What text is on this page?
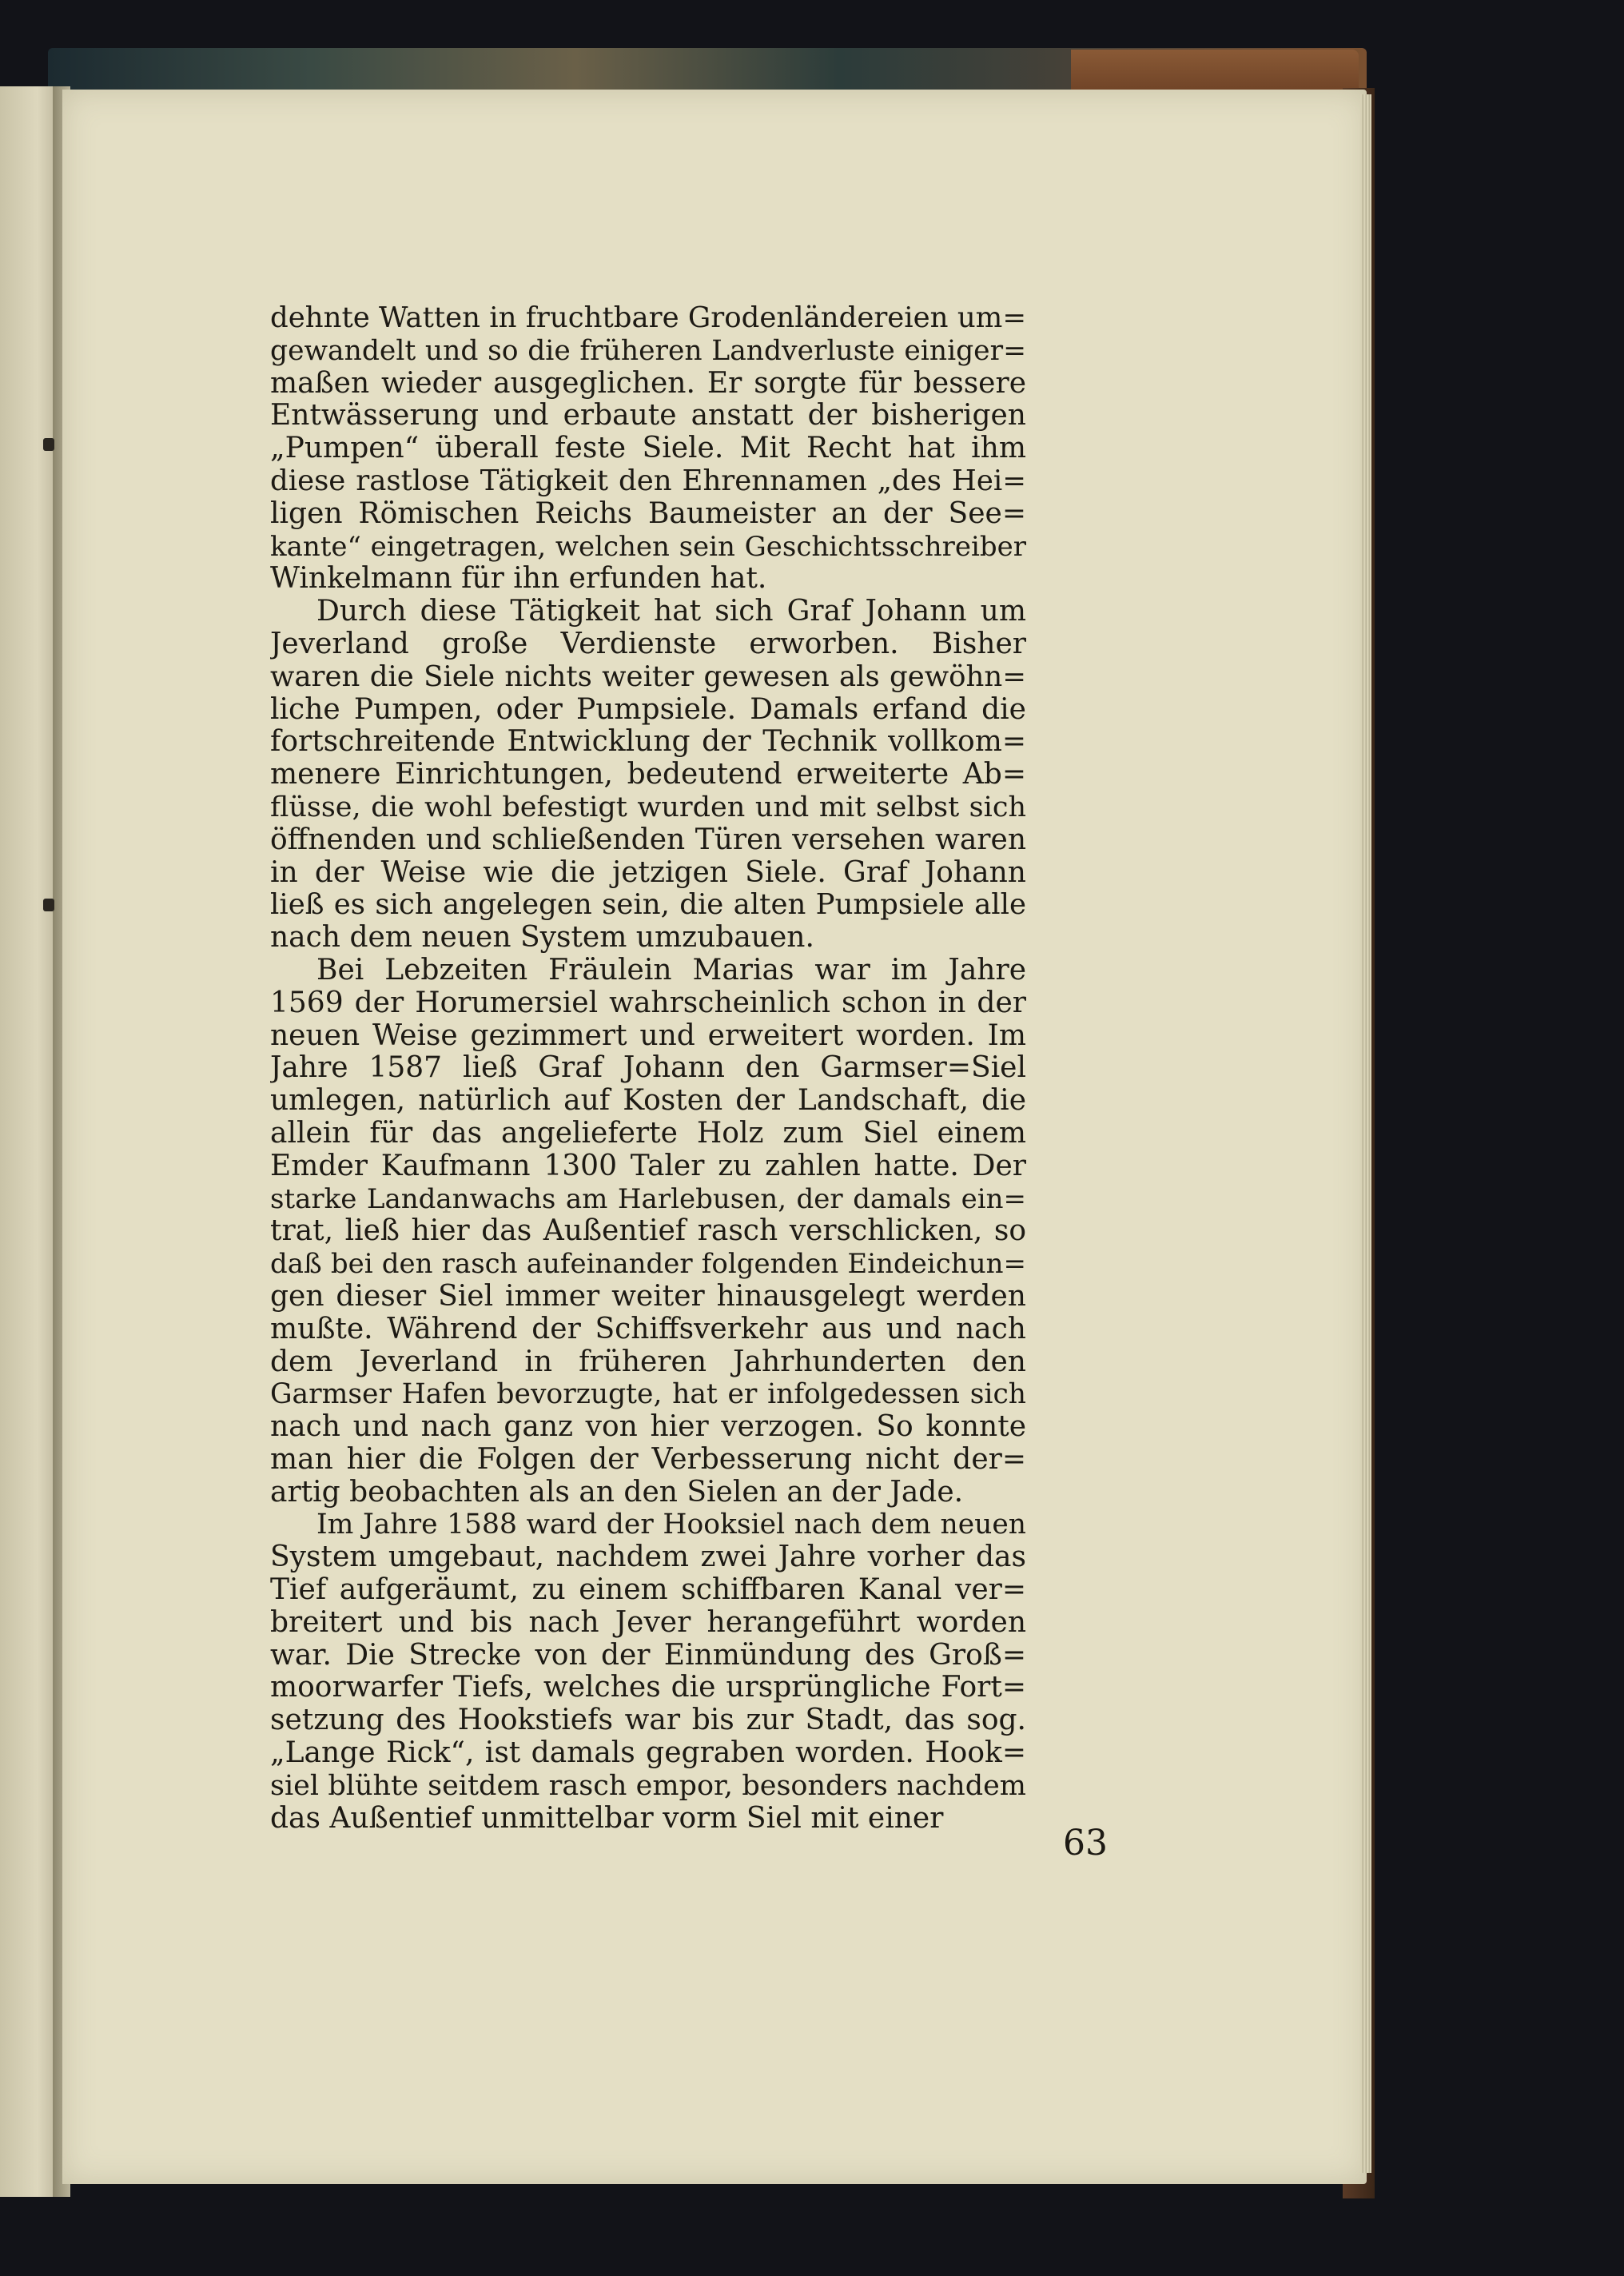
dehnte Watten in fruchtbare Grodenländereien um=
gewandelt und so die früheren Landverluste einiger=
maßen wieder ausgeglichen. Er sorgte für bessere
Entwässerung und erbaute anstatt der bisherigen
„Pumpen“ überall feste Siele. Mit Recht hat ihm
diese rastlose Tätigkeit den Ehrennamen „des Hei=
ligen Römischen Reichs Baumeister an der See=
kante“ eingetragen, welchen sein Geschichtsschreiber
Winkelmann für ihn erfunden hat.
Durch diese Tätigkeit hat sich Graf Johann um
Jeverland große Verdienste erworben. Bisher
waren die Siele nichts weiter gewesen als gewöhn=
liche Pumpen, oder Pumpsiele. Damals erfand die
fortschreitende Entwicklung der Technik vollkom=
menere Einrichtungen, bedeutend erweiterte Ab=
flüsse, die wohl befestigt wurden und mit selbst sich
öffnenden und schließenden Türen versehen waren
in der Weise wie die jetzigen Siele. Graf Johann
ließ es sich angelegen sein, die alten Pumpsiele alle
nach dem neuen System umzubauen.
Bei Lebzeiten Fräulein Marias war im Jahre
1569 der Horumersiel wahrscheinlich schon in der
neuen Weise gezimmert und erweitert worden. Im
Jahre 1587 ließ Graf Johann den Garmser=Siel
umlegen, natürlich auf Kosten der Landschaft, die
allein für das angelieferte Holz zum Siel einem
Emder Kaufmann 1300 Taler zu zahlen hatte. Der
starke Landanwachs am Harlebusen, der damals ein=
trat, ließ hier das Außentief rasch verschlicken, so
daß bei den rasch aufeinander folgenden Eindeichun=
gen dieser Siel immer weiter hinausgelegt werden
mußte. Während der Schiffsverkehr aus und nach
dem Jeverland in früheren Jahrhunderten den
Garmser Hafen bevorzugte, hat er infolgedessen sich
nach und nach ganz von hier verzogen. So konnte
man hier die Folgen der Verbesserung nicht der=
artig beobachten als an den Sielen an der Jade.
Im Jahre 1588 ward der Hooksiel nach dem neuen
System umgebaut, nachdem zwei Jahre vorher das
Tief aufgeräumt, zu einem schiffbaren Kanal ver=
breitert und bis nach Jever herangeführt worden
war. Die Strecke von der Einmündung des Groß=
moorwarfer Tiefs, welches die ursprüngliche Fort=
setzung des Hookstiefs war bis zur Stadt, das sog.
„Lange Rick“, ist damals gegraben worden. Hook=
siel blühte seitdem rasch empor, besonders nachdem
das Außentief unmittelbar vorm Siel mit einer
63
